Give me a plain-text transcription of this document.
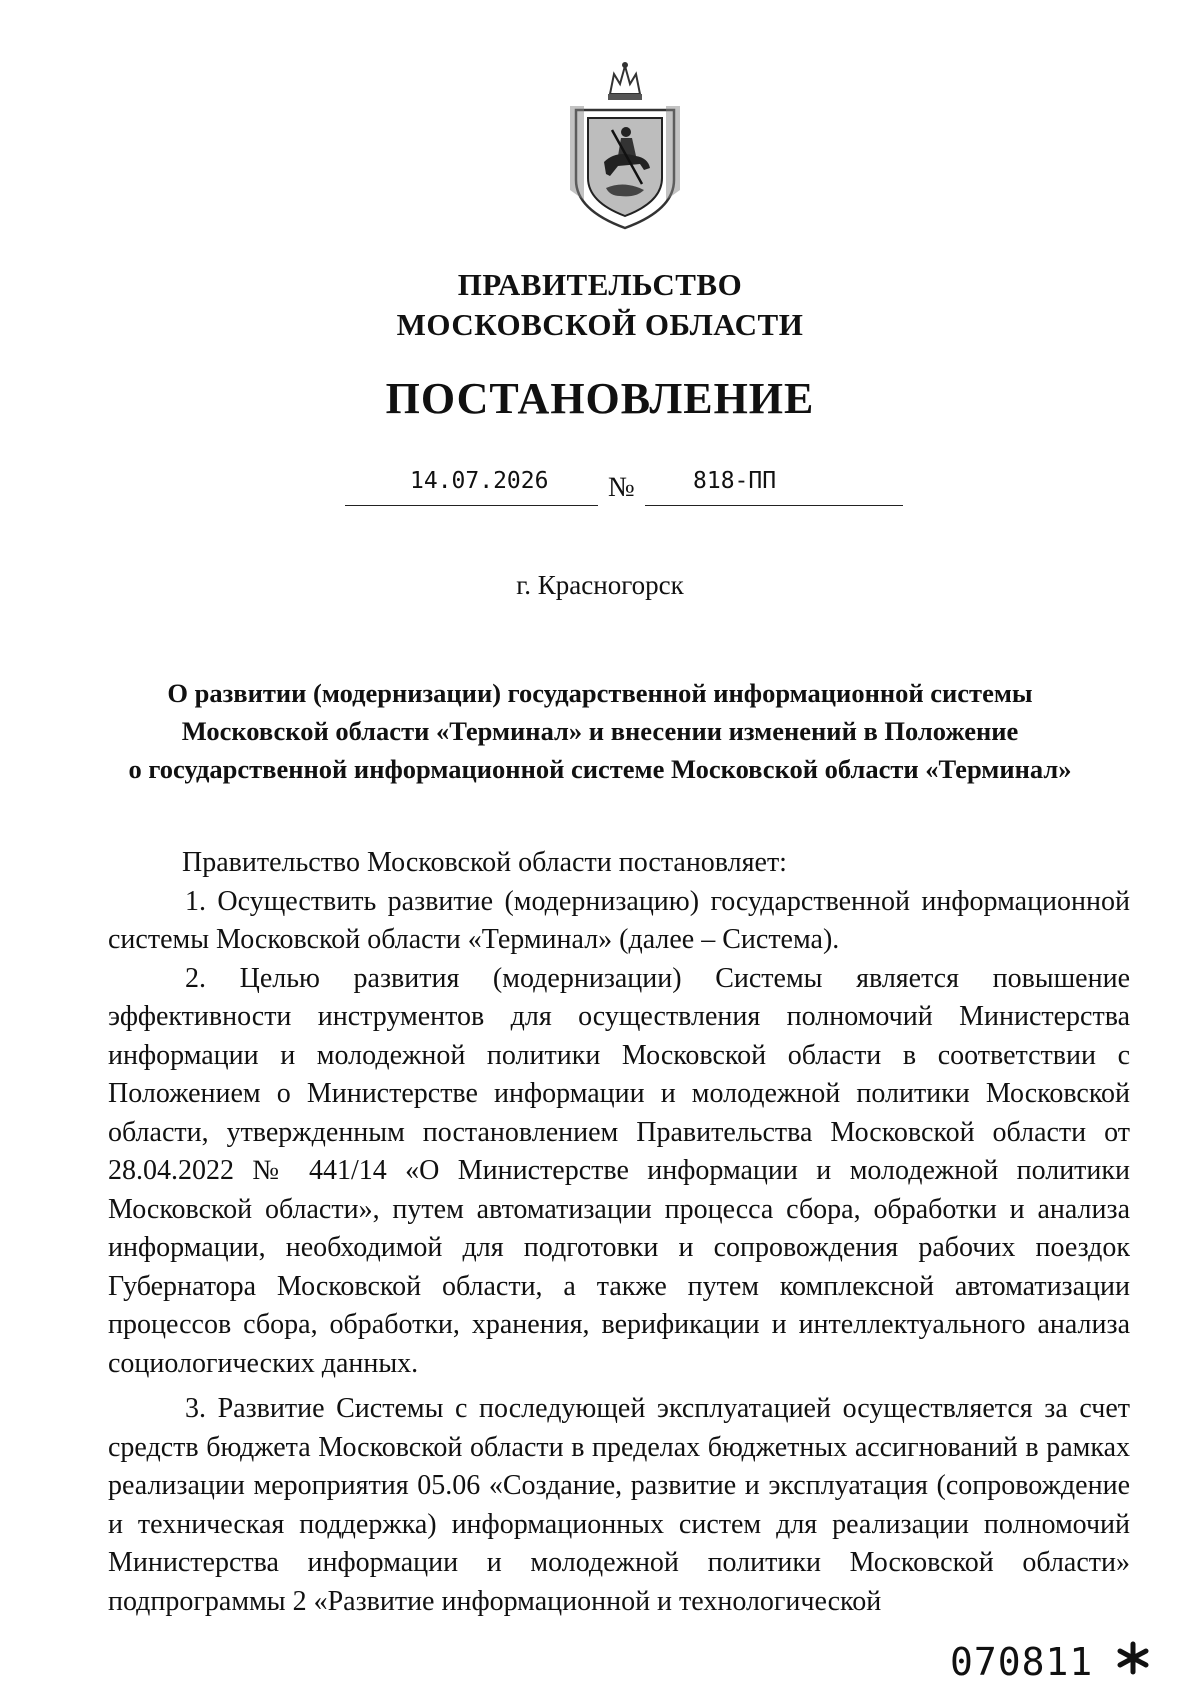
ПРАВИТЕЛЬСТВО
МОСКОВСКОЙ ОБЛАСТИ
ПОСТАНОВЛЕНИЕ
14.07.2026 №	818-ПП
г. Красногорск
О развитии (модернизации) государственной информационной системы
Московской области «Терминал» и внесении изменений в Положение
о государственной информационной системе Московской области «Терминал»

Правительство Московской области постановляет:

1. Осуществить развитие (модернизацию) государственной информационной системы Московской области «Терминал» (далее – Система).

2. Целью развития (модернизации) Системы является повышение эффективности инструментов для осуществления полномочий Министерства информации и молодежной политики Московской области в соответствии с Положением о Министерстве информации и молодежной политики Московской области, утвержденным постановлением Правительства Московской области от 28.04.2022 № 441/14 «О Министерстве информации и молодежной политики Московской области», путем автоматизации процесса сбора, обработки и анализа информации, необходимой для подготовки и сопровождения рабочих поездок Губернатора Московской области, а также путем комплексной автоматизации процессов сбора, обработки, хранения, верификации и интеллектуального анализа социологических данных.

3. Развитие Системы с последующей эксплуатацией осуществляется за счет средств бюджета Московской области в пределах бюджетных ассигнований в рамках реализации мероприятия 05.06 «Создание, развитие и эксплуатация (сопровождение и техническая поддержка) информационных систем для реализации полномочий Министерства информации и молодежной политики Московской области» подпрограммы 2 «Развитие информационной и технологической

070811
